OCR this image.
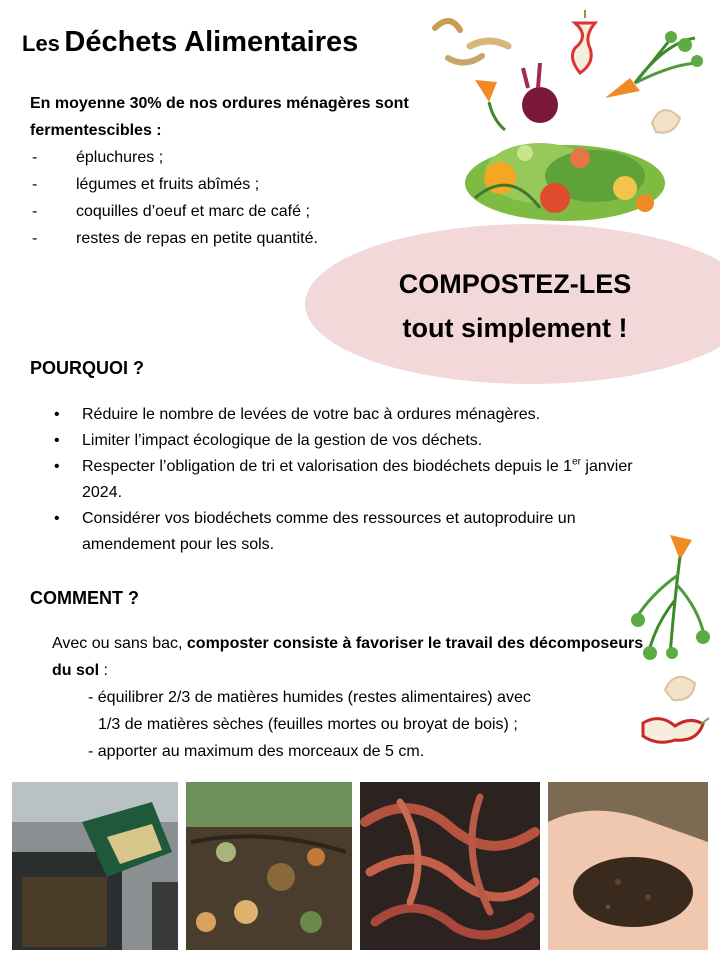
Les Déchets Alimentaires
En moyenne 30% de nos ordures ménagères sont fermentescibles :
- épluchures ;
- légumes et fruits abîmés ;
- coquilles d’oeuf et marc de café ;
- restes de repas en petite quantité.
COMPOSTEZ-LES
tout simplement !
POURQUOI ?
• Réduire le nombre de levées de votre bac à ordures ménagères.
• Limiter l’impact écologique de la gestion de vos déchets.
• Respecter l’obligation de tri et valorisation des biodéchets depuis le 1er janvier 2024.
• Considérer vos biodéchets comme des ressources et autoproduire un amendement pour les sols.
COMMENT ?
Avec ou sans bac, composter consiste à favoriser le travail des décomposeurs du sol :
- équilibrer 2/3 de matières humides (restes alimentaires) avec
1/3 de matières sèches (feuilles mortes ou broyat de bois) ;
- apporter au maximum des morceaux de 5 cm.
